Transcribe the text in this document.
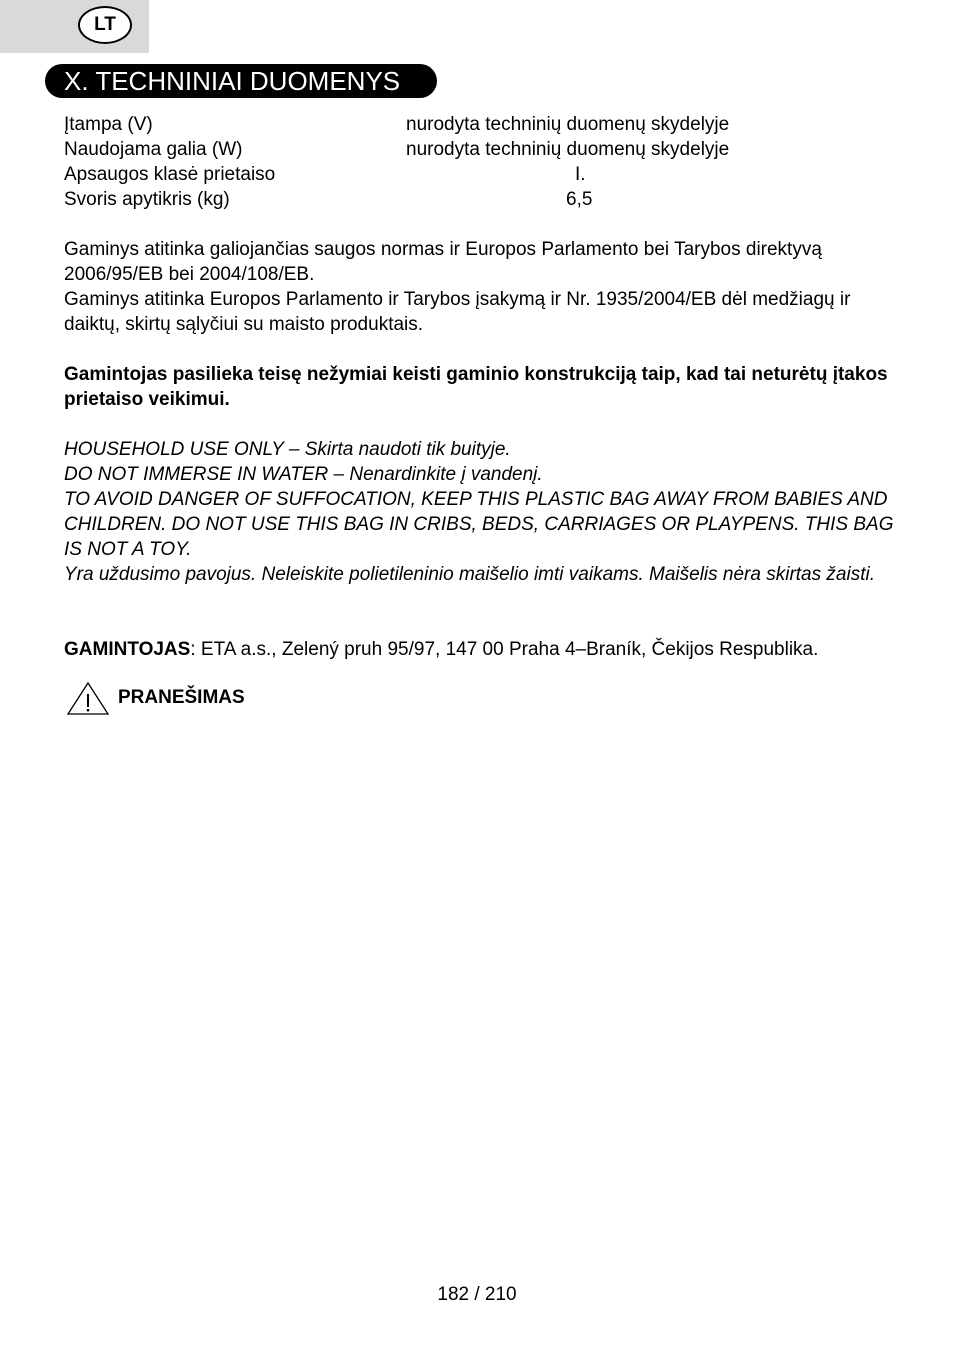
LT
X. TECHNINIAI DUOMENYS
Įtampa (V)	nurodyta techninių duomenų skydelyje
Naudojama galia (W)	nurodyta techninių duomenų skydelyje
Apsaugos klasė prietaiso	I.
Svoris apytikris (kg)	6,5

Gaminys atitinka galiojančias saugos normas ir Europos Parlamento bei Tarybos direktyvą 2006/95/EB bei 2004/108/EB.

Gaminys atitinka Europos Parlamento ir Tarybos įsakymą ir Nr. 1935/2004/EB dėl medžiagų ir daiktų, skirtų sąlyčiui su maisto produktais.

Gamintojas pasilieka teisę nežymiai keisti gaminio konstrukciją taip, kad tai neturėtų įtakos prietaiso veikimui.

HOUSEHOLD USE ONLY – Skirta naudoti tik buityje.

DO NOT IMMERSE IN WATER – Nenardinkite į vandenį.

TO AVOID DANGER OF SUFFOCATION, KEEP THIS PLASTIC BAG AWAY FROM BABIES AND CHILDREN. DO NOT USE THIS BAG IN CRIBS, BEDS, CARRIAGES OR PLAYPENS. THIS BAG IS NOT A TOY.

Yra uždusimo pavojus. Neleiskite polietileninio maišelio imti vaikams. Maišelis nėra skirtas žaisti.

GAMINTOJAS: ETA a.s., Zelený pruh 95/97, 147 00 Praha 4–Braník, Čekijos Respublika.

PRANEŠIMAS
182 / 210
